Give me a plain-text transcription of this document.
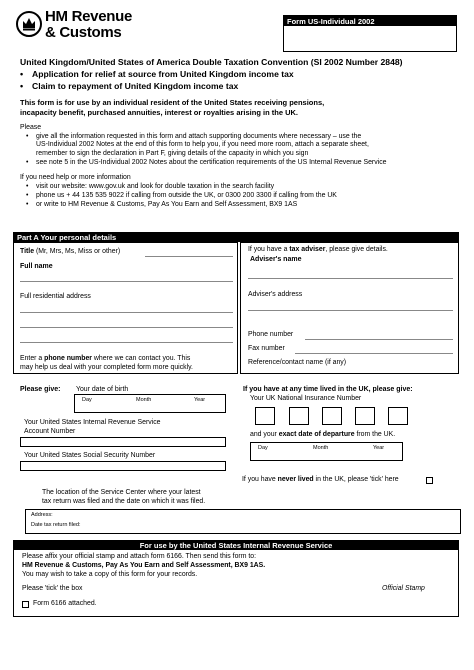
HM Revenue
& Customs
Form US-Individual 2002
United Kingdom/United States of America Double Taxation Convention (SI 2002 Number 2848)
• Application for relief at source from United Kingdom income tax
• Claim to repayment of United Kingdom income tax
This form is for use by an individual resident of the United States receiving pensions,
incapacity benefit, purchased annuities, interest or royalties arising in the UK.
Please
• give all the information requested in this form and attach supporting documents where necessary – use the
US-Individual 2002 Notes at the end of this form to help you, if you need more room, attach a separate sheet,
remember to sign the declaration in Part F, giving details of the capacity in which you sign
• see note 5 in the US-Individual 2002 Notes about the certification requirements of the US Internal Revenue Service
If you need help or more information
• visit our website: www.gov.uk and look for double taxation in the search facility
• phone us + 44 135 535 9022 if calling from outside the UK, or 0300 200 3300 if calling from the UK
• or write to HM Revenue & Customs, Pay As You Earn and Self Assessment, BX9 1AS
Part A Your personal details
Title (Mr, Mrs, Ms, Miss or other)
Full name
Full residential address
Enter a phone number where we can contact you. This
may help us deal with your completed form more quickly.
If you have a tax adviser, please give details.
Adviser's name
Adviser's address
Phone number
Fax number
Reference/contact name (if any)
Please give: Your date of birth
Day	Month	Year
Your United States Internal Revenue Service
Account Number
Your United States Social Security Number
If you have at any time lived in the UK, please give:
Your UK National Insurance Number
and your exact date of departure from the UK.
Day	Month	Year
If you have never lived in the UK, please 'tick' here
The location of the Service Center where your latest
tax return was filed and the date on which it was filed.
Address:
Date tax return filed:
For use by the United States Internal Revenue Service
Please affix your official stamp and attach form 6166. Then send this form to:
HM Revenue & Customs, Pay As You Earn and Self Assessment, BX9 1AS.
You may wish to take a copy of this form for your records.
Please 'tick' the box	Official Stamp
Form 6166 attached.
